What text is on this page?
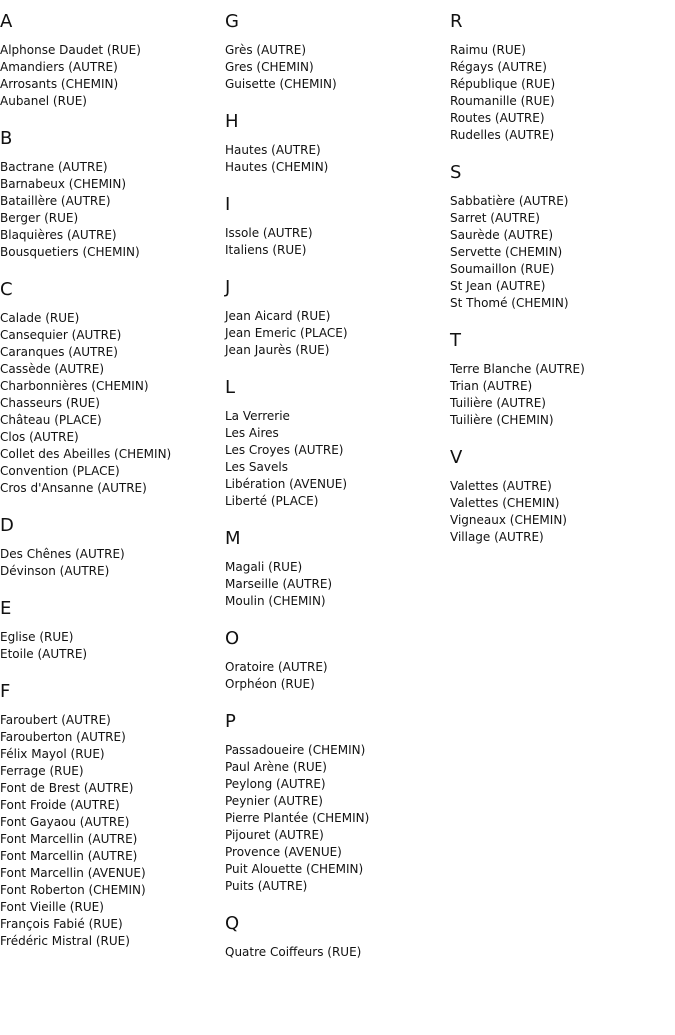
A
Alphonse Daudet (RUE)
Amandiers (AUTRE)
Arrosants (CHEMIN)
Aubanel (RUE)
B
Bactrane (AUTRE)
Barnabeux (CHEMIN)
Bataillère (AUTRE)
Berger (RUE)
Blaquières (AUTRE)
Bousquetiers (CHEMIN)
C
Calade (RUE)
Cansequier (AUTRE)
Caranques (AUTRE)
Cassède (AUTRE)
Charbonnières (CHEMIN)
Chasseurs (RUE)
Château (PLACE)
Clos (AUTRE)
Collet des Abeilles (CHEMIN)
Convention (PLACE)
Cros d'Ansanne (AUTRE)
D
Des Chênes (AUTRE)
Dévinson (AUTRE)
E
Eglise (RUE)
Etoile (AUTRE)
F
Faroubert (AUTRE)
Farouberton (AUTRE)
Félix Mayol (RUE)
Ferrage (RUE)
Font de Brest (AUTRE)
Font Froide (AUTRE)
Font Gayaou (AUTRE)
Font Marcellin (AUTRE)
Font Marcellin (AUTRE)
Font Marcellin (AVENUE)
Font Roberton (CHEMIN)
Font Vieille (RUE)
François Fabié (RUE)
Frédéric Mistral (RUE)
G
Grès (AUTRE)
Gres (CHEMIN)
Guisette (CHEMIN)
H
Hautes (AUTRE)
Hautes (CHEMIN)
I
Issole (AUTRE)
Italiens (RUE)
J
Jean Aicard (RUE)
Jean Emeric (PLACE)
Jean Jaurès (RUE)
L
La Verrerie
Les Aires
Les Croyes (AUTRE)
Les Savels
Libération (AVENUE)
Liberté (PLACE)
M
Magali (RUE)
Marseille (AUTRE)
Moulin (CHEMIN)
O
Oratoire (AUTRE)
Orphéon (RUE)
P
Passadoueire (CHEMIN)
Paul Arène (RUE)
Peylong (AUTRE)
Peynier (AUTRE)
Pierre Plantée (CHEMIN)
Pijouret (AUTRE)
Provence (AVENUE)
Puit Alouette (CHEMIN)
Puits (AUTRE)
Q
Quatre Coiffeurs (RUE)
R
Raimu (RUE)
Régays (AUTRE)
République (RUE)
Roumanille (RUE)
Routes (AUTRE)
Rudelles (AUTRE)
S
Sabbatière (AUTRE)
Sarret (AUTRE)
Saurède (AUTRE)
Servette (CHEMIN)
Soumaillon (RUE)
St Jean (AUTRE)
St Thomé (CHEMIN)
T
Terre Blanche (AUTRE)
Trian (AUTRE)
Tuilière (AUTRE)
Tuilière (CHEMIN)
V
Valettes (AUTRE)
Valettes (CHEMIN)
Vigneaux (CHEMIN)
Village (AUTRE)
